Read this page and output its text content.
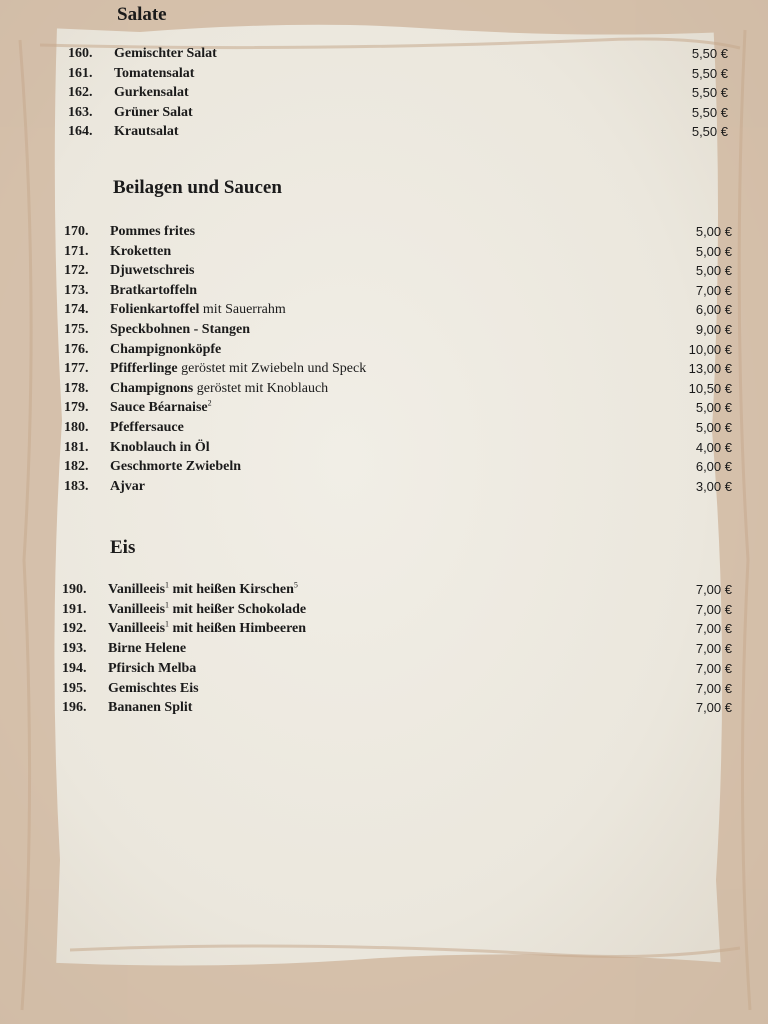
Salate
160.	Gemischter Salat	5,50 €
161.	Tomatensalat	5,50 €
162.	Gurkensalat	5,50 €
163.	Grüner Salat	5,50 €
164.	Krautsalat	5,50 €
Beilagen und Saucen
170.	Pommes frites	5,00 €
171.	Kroketten	5,00 €
172.	Djuwetschreis	5,00 €
173.	Bratkartoffeln	7,00 €
174.	Folienkartoffel mit Sauerrahm	6,00 €
175.	Speckbohnen - Stangen	9,00 €
176.	Champignonköpfe	10,00 €
177.	Pfifferlinge geröstet mit Zwiebeln und Speck	13,00 €
178.	Champignons geröstet mit Knoblauch	10,50 €
179.	Sauce Béarnaise$^2$	5,00 €
180.	Pfeffersauce	5,00 €
181.	Knoblauch in Öl	4,00 €
182.	Geschmorte Zwiebeln	6,00 €
183.	Ajvar	3,00 €
Eis
190.	Vanilleeis$^1$ mit heißen Kirschen$^5$	7,00 €
191.	Vanilleeis$^1$ mit heißer Schokolade	7,00 €
192.	Vanilleeis$^1$ mit heißen Himbeeren	7,00 €
193.	Birne Helene	7,00 €
194.	Pfirsich Melba	7,00 €
195.	Gemischtes Eis	7,00 €
196.	Bananen Split	7,00 €
